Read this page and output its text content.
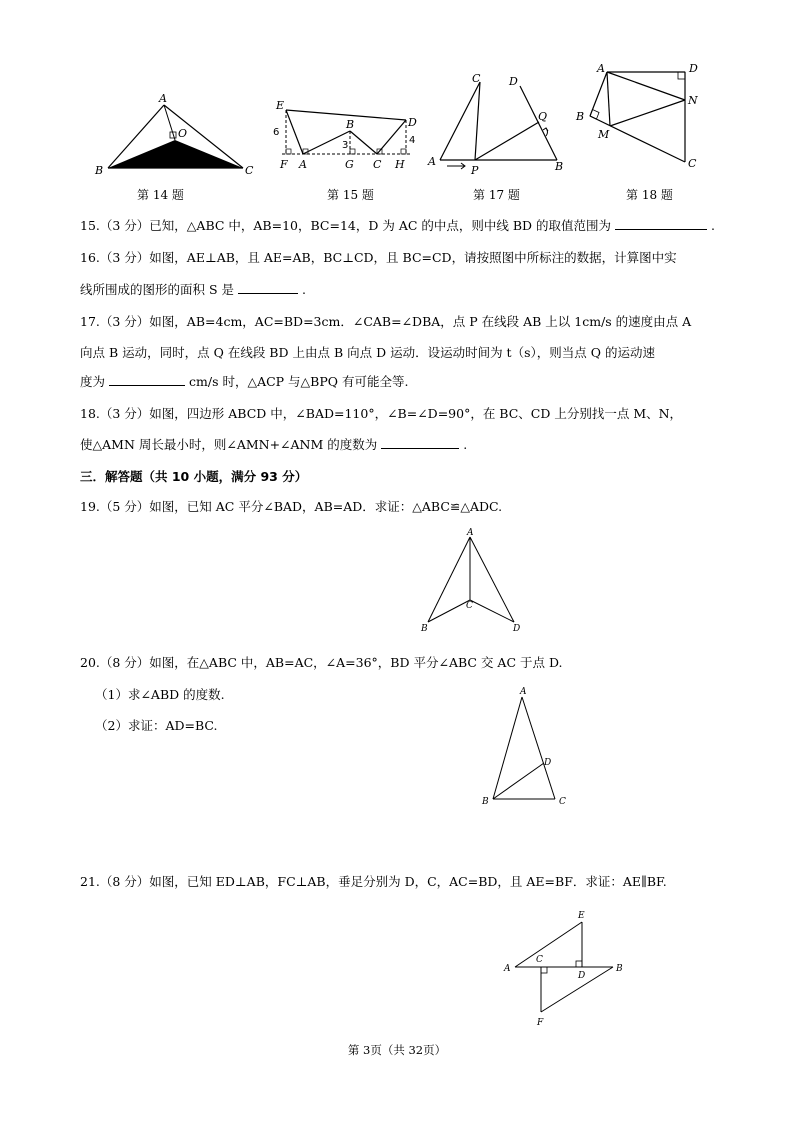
A
B	C
O
第 14 题
E
B	D
F A	G C H
6
3	4
第 15 题
C	D
A
P
Q
B
第 17 题
A	D
B
M
N
C
第 18 题
15.（3 分）已知，△ABC 中，AB=10，BC=14，D 为 AC 的中点，则中线 BD 的取值范围为	.
16.（3 分）如图，AE⊥AB，且 AE=AB，BC⊥CD，且 BC=CD，请按照图中所标注的数据，计算图中实
线所围成的图形的面积 S 是	.
17.（3 分）如图，AB=4cm，AC=BD=3cm．∠CAB=∠DBA，点 P 在线段 AB 上以 1cm/s 的速度由点 A
向点 B 运动，同时，点 Q 在线段 BD 上由点 B 向点 D 运动．设运动时间为 t（s），则当点 Q 的运动速
度为	cm/s 时，△ACP 与△BPQ 有可能全等.
18.（3 分）如图，四边形 ABCD 中，∠BAD=110°，∠B=∠D=90°，在 BC、CD 上分别找一点 M、N，
使△AMN 周长最小时，则∠AMN+∠ANM 的度数为	.
三．解答题（共 10 小题，满分 93 分）
19.（5 分）如图，已知 AC 平分∠BAD，AB=AD．求证：△ABC≌△ADC.
A
B
C
D
20.（8 分）如图，在△ABC 中，AB=AC，∠A=36°，BD 平分∠ABC 交 AC 于点 D.
（1）求∠ABD 的度数.
（2）求证：AD=BC.
A
B	C
D
21.（8 分）如图，已知 ED⊥AB，FC⊥AB，垂足分别为 D，C，AC=BD，且 AE=BF．求证：AE∥BF.
E
A
C
D
B
F
第 3页（共 32页）
